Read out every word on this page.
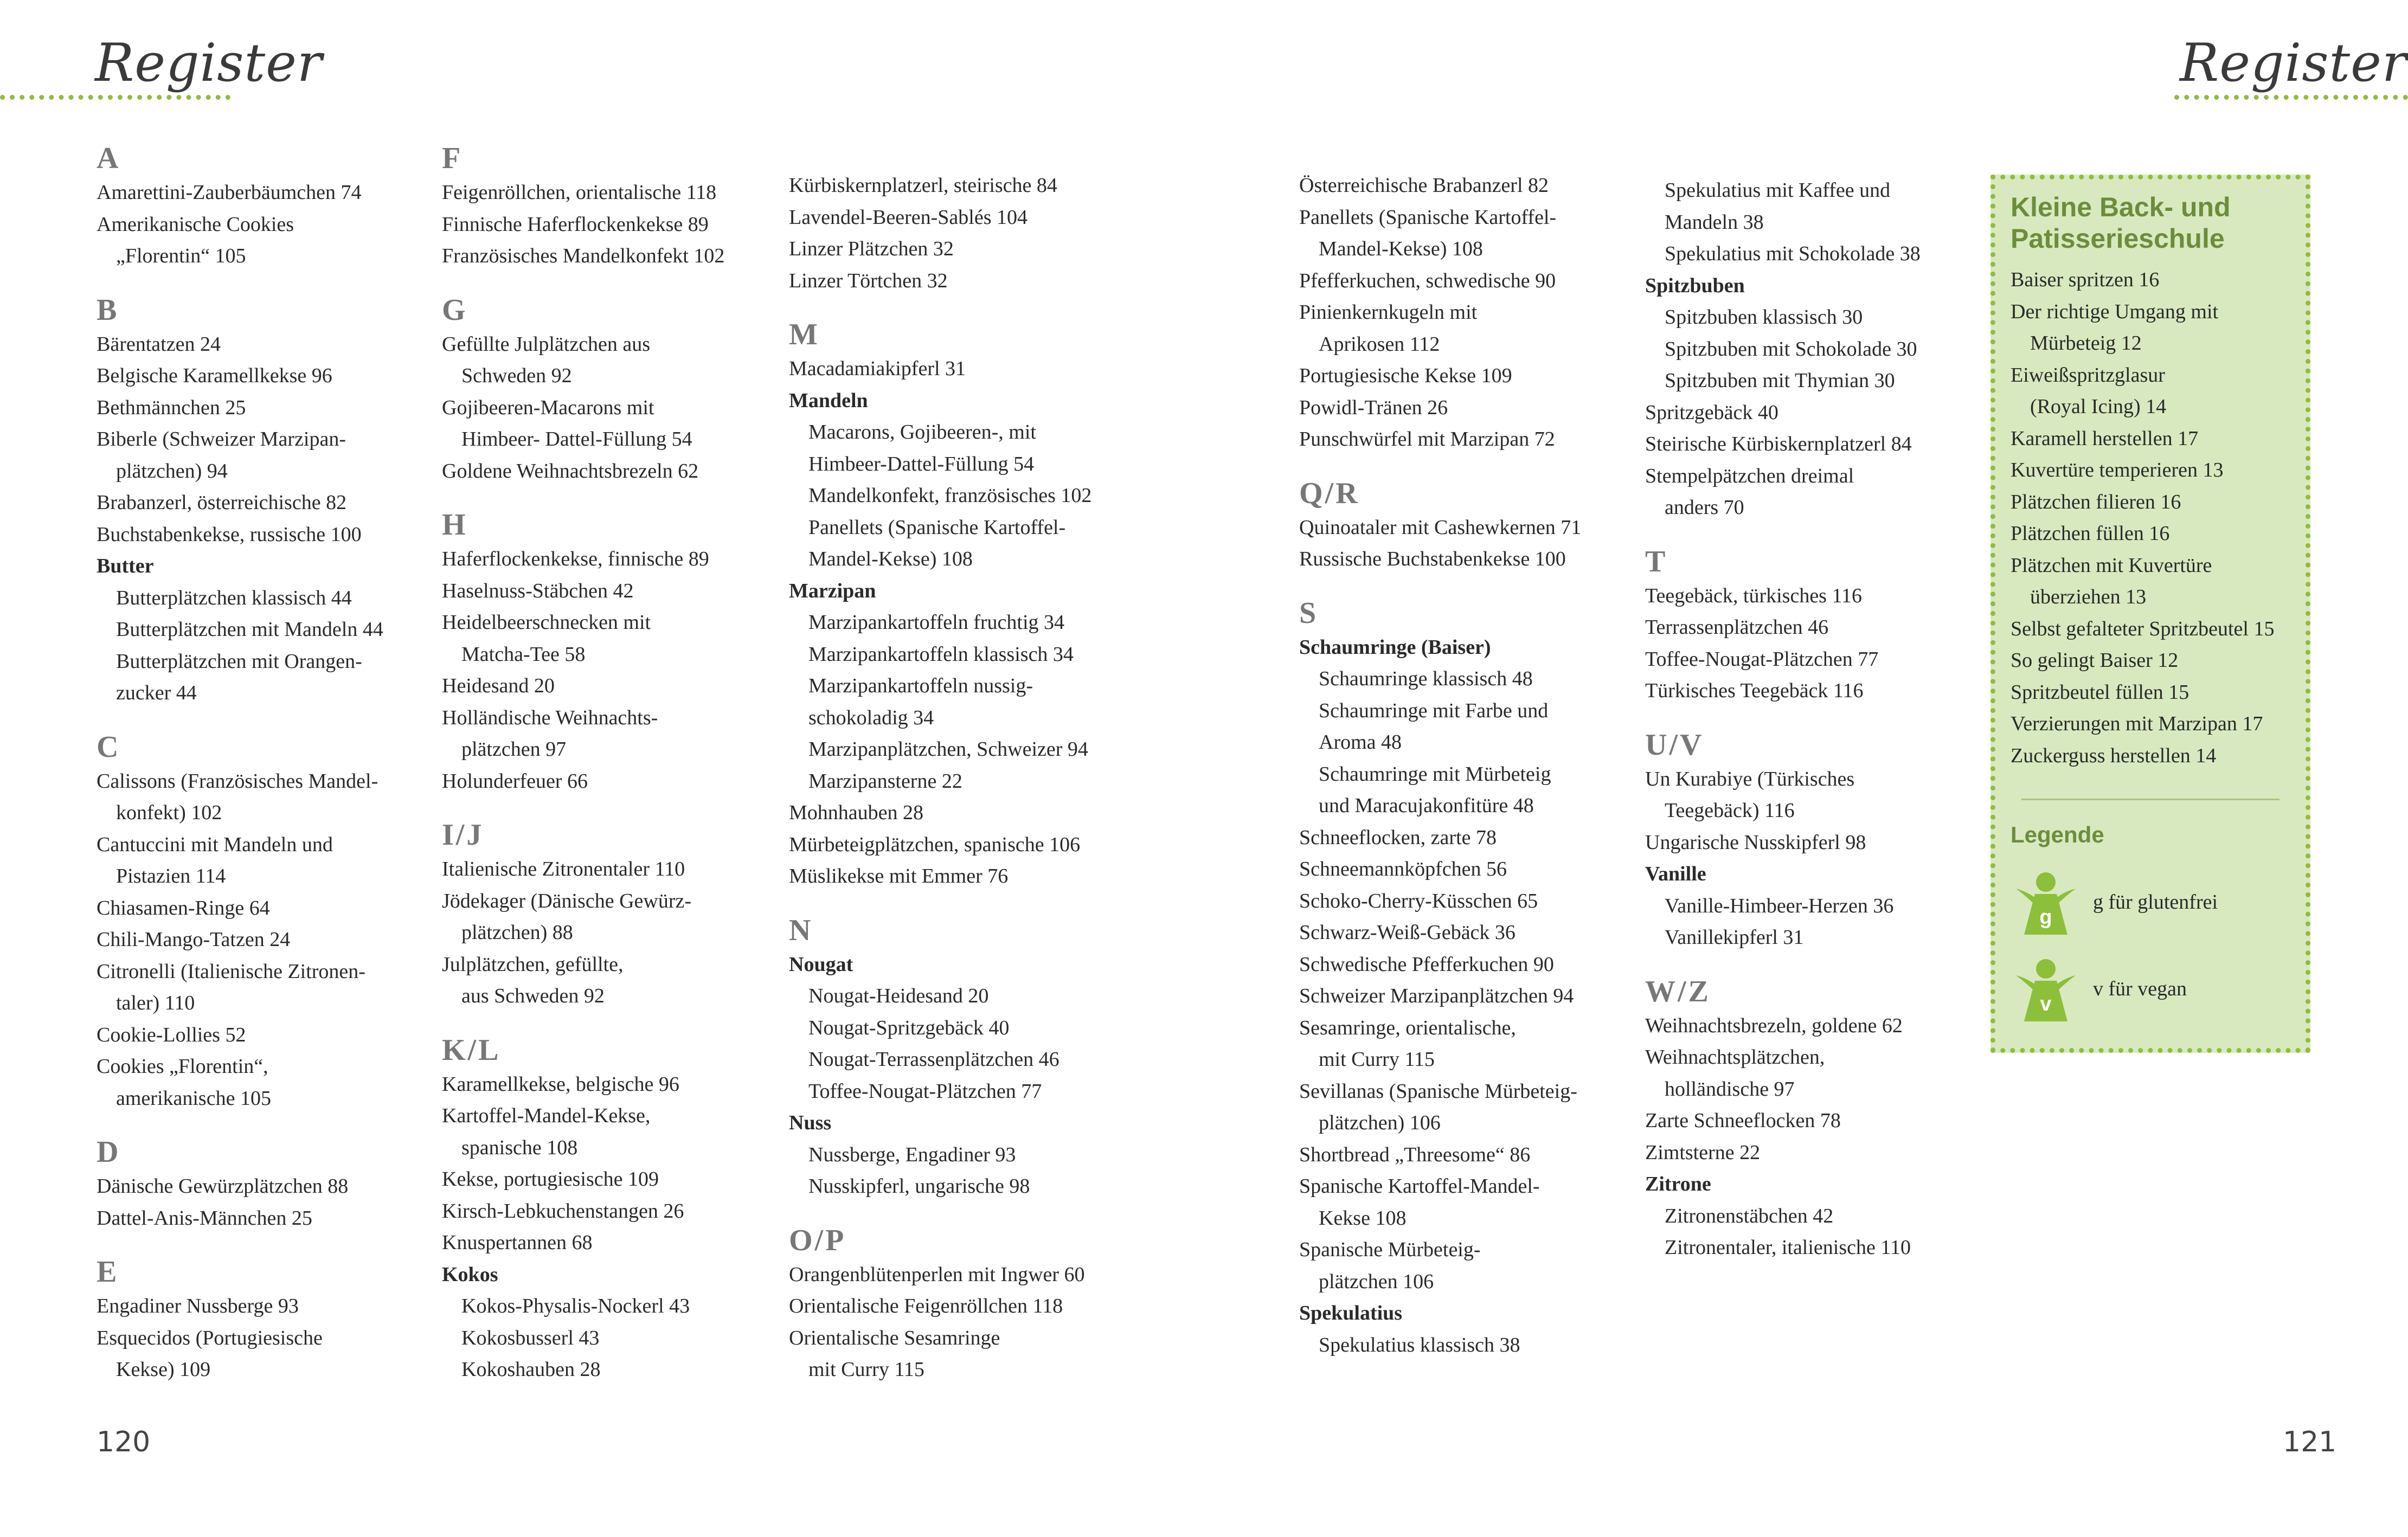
Register	Register
A
Amarettini-Zauberbäumchen 74
Amerikanische Cookies
„Florentin“ 105
B
Bärentatzen 24
Belgische Karamellkekse 96
Bethmännchen 25
Biberle (Schweizer Marzipan-
plätzchen) 94
Brabanzerl, österreichische 82
Buchstabenkekse, russische 100
Butter
Butterplätzchen klassisch 44
Butterplätzchen mit Mandeln 44
Butterplätzchen mit Orangen-
zucker 44
C
Calissons (Französisches Mandel-
konfekt) 102
Cantuccini mit Mandeln und
Pistazien 114
Chiasamen-Ringe 64
Chili-Mango-Tatzen 24
Citronelli (Italienische Zitronen-
taler) 110
Cookie-Lollies 52
Cookies „Florentin“,
amerikanische 105
D
Dänische Gewürzplätzchen 88
Dattel-Anis-Männchen 25
E
Engadiner Nussberge 93
Esquecidos (Portugiesische
Kekse) 109
F
Feigenröllchen, orientalische 118
Finnische Haferflockenkekse 89
Französisches Mandelkonfekt 102
G
Gefüllte Julplätzchen aus
Schweden 92
Gojibeeren-Macarons mit
Himbeer- Dattel-Füllung 54
Goldene Weihnachtsbrezeln 62
H
Haferflockenkekse, finnische 89
Haselnuss-Stäbchen 42
Heidelbeerschnecken mit
Matcha-Tee 58
Heidesand 20
Holländische Weihnachts-
plätzchen 97
Holunderfeuer 66
I/J
Italienische Zitronentaler 110
Jödekager (Dänische Gewürz-
plätzchen) 88
Julplätzchen, gefüllte,
aus Schweden 92
K/L
Karamellkekse, belgische 96
Kartoffel-Mandel-Kekse,
spanische 108
Kekse, portugiesische 109
Kirsch-Lebkuchenstangen 26
Knuspertannen 68
Kokos
Kokos-Physalis-Nockerl 43
Kokosbusserl 43
Kokoshauben 28
Kürbiskernplatzerl, steirische 84
Lavendel-Beeren-Sablés 104
Linzer Plätzchen 32
Linzer Törtchen 32
M
Macadamiakipferl 31
Mandeln
Macarons, Gojibeeren-, mit
Himbeer-Dattel-Füllung 54
Mandelkonfekt, französisches 102
Panellets (Spanische Kartoffel-
Mandel-Kekse) 108
Marzipan
Marzipankartoffeln fruchtig 34
Marzipankartoffeln klassisch 34
Marzipankartoffeln nussig-
schokoladig 34
Marzipanplätzchen, Schweizer 94
Marzipansterne 22
Mohnhauben 28
Mürbeteigplätzchen, spanische 106
Müslikekse mit Emmer 76
N
Nougat
Nougat-Heidesand 20
Nougat-Spritzgebäck 40
Nougat-Terrassenplätzchen 46
Toffee-Nougat-Plätzchen 77
Nuss
Nussberge, Engadiner 93
Nusskipferl, ungarische 98
O/P
Orangenblütenperlen mit Ingwer 60
Orientalische Feigenröllchen 118
Orientalische Sesamringe
mit Curry 115
Österreichische Brabanzerl 82
Panellets (Spanische Kartoffel-
Mandel-Kekse) 108
Pfefferkuchen, schwedische 90
Pinienkernkugeln mit
Aprikosen 112
Portugiesische Kekse 109
Powidl-Tränen 26
Punschwürfel mit Marzipan 72
Q/R
Quinoataler mit Cashewkernen 71
Russische Buchstabenkekse 100
S
Schaumringe (Baiser)
Schaumringe klassisch 48
Schaumringe mit Farbe und
Aroma 48
Schaumringe mit Mürbeteig
und Maracujakonfitüre 48
Schneeflocken, zarte 78
Schneemannköpfchen 56
Schoko-Cherry-Küsschen 65
Schwarz-Weiß-Gebäck 36
Schwedische Pfefferkuchen 90
Schweizer Marzipanplätzchen 94
Sesamringe, orientalische,
mit Curry 115
Sevillanas (Spanische Mürbeteig-
plätzchen) 106
Shortbread „Threesome“ 86
Spanische Kartoffel-Mandel-
Kekse 108
Spanische Mürbeteig-
plätzchen 106
Spekulatius
Spekulatius klassisch 38
Spekulatius mit Kaffee und
Mandeln 38
Spekulatius mit Schokolade 38
Spitzbuben
Spitzbuben klassisch 30
Spitzbuben mit Schokolade 30
Spitzbuben mit Thymian 30
Spritzgebäck 40
Steirische Kürbiskernplatzerl 84
Stempelpätzchen dreimal
anders 70
T
Teegebäck, türkisches 116
Terrassenplätzchen 46
Toffee-Nougat-Plätzchen 77
Türkisches Teegebäck 116
U/V
Un Kurabiye (Türkisches
Teegebäck) 116
Ungarische Nusskipferl 98
Vanille
Vanille-Himbeer-Herzen 36
Vanillekipferl 31
W/Z
Weihnachtsbrezeln, goldene 62
Weihnachtsplätzchen,
holländische 97
Zarte Schneeflocken 78
Zimtsterne 22
Zitrone
Zitronenstäbchen 42
Zitronentaler, italienische 110
Kleine Back- und Patisserieschule
Baiser spritzen 16
Der richtige Umgang mit
Mürbeteig 12
Eiweißspritzglasur
(Royal Icing) 14
Karamell herstellen 17
Kuvertüre temperieren 13
Plätzchen filieren 16
Plätzchen füllen 16
Plätzchen mit Kuvertüre
überziehen 13
Selbst gefalteter Spritzbeutel 15
So gelingt Baiser 12
Spritzbeutel füllen 15
Verzierungen mit Marzipan 17
Zuckerguss herstellen 14
Legende
g
g für glutenfrei
v
v für vegan
120	121
